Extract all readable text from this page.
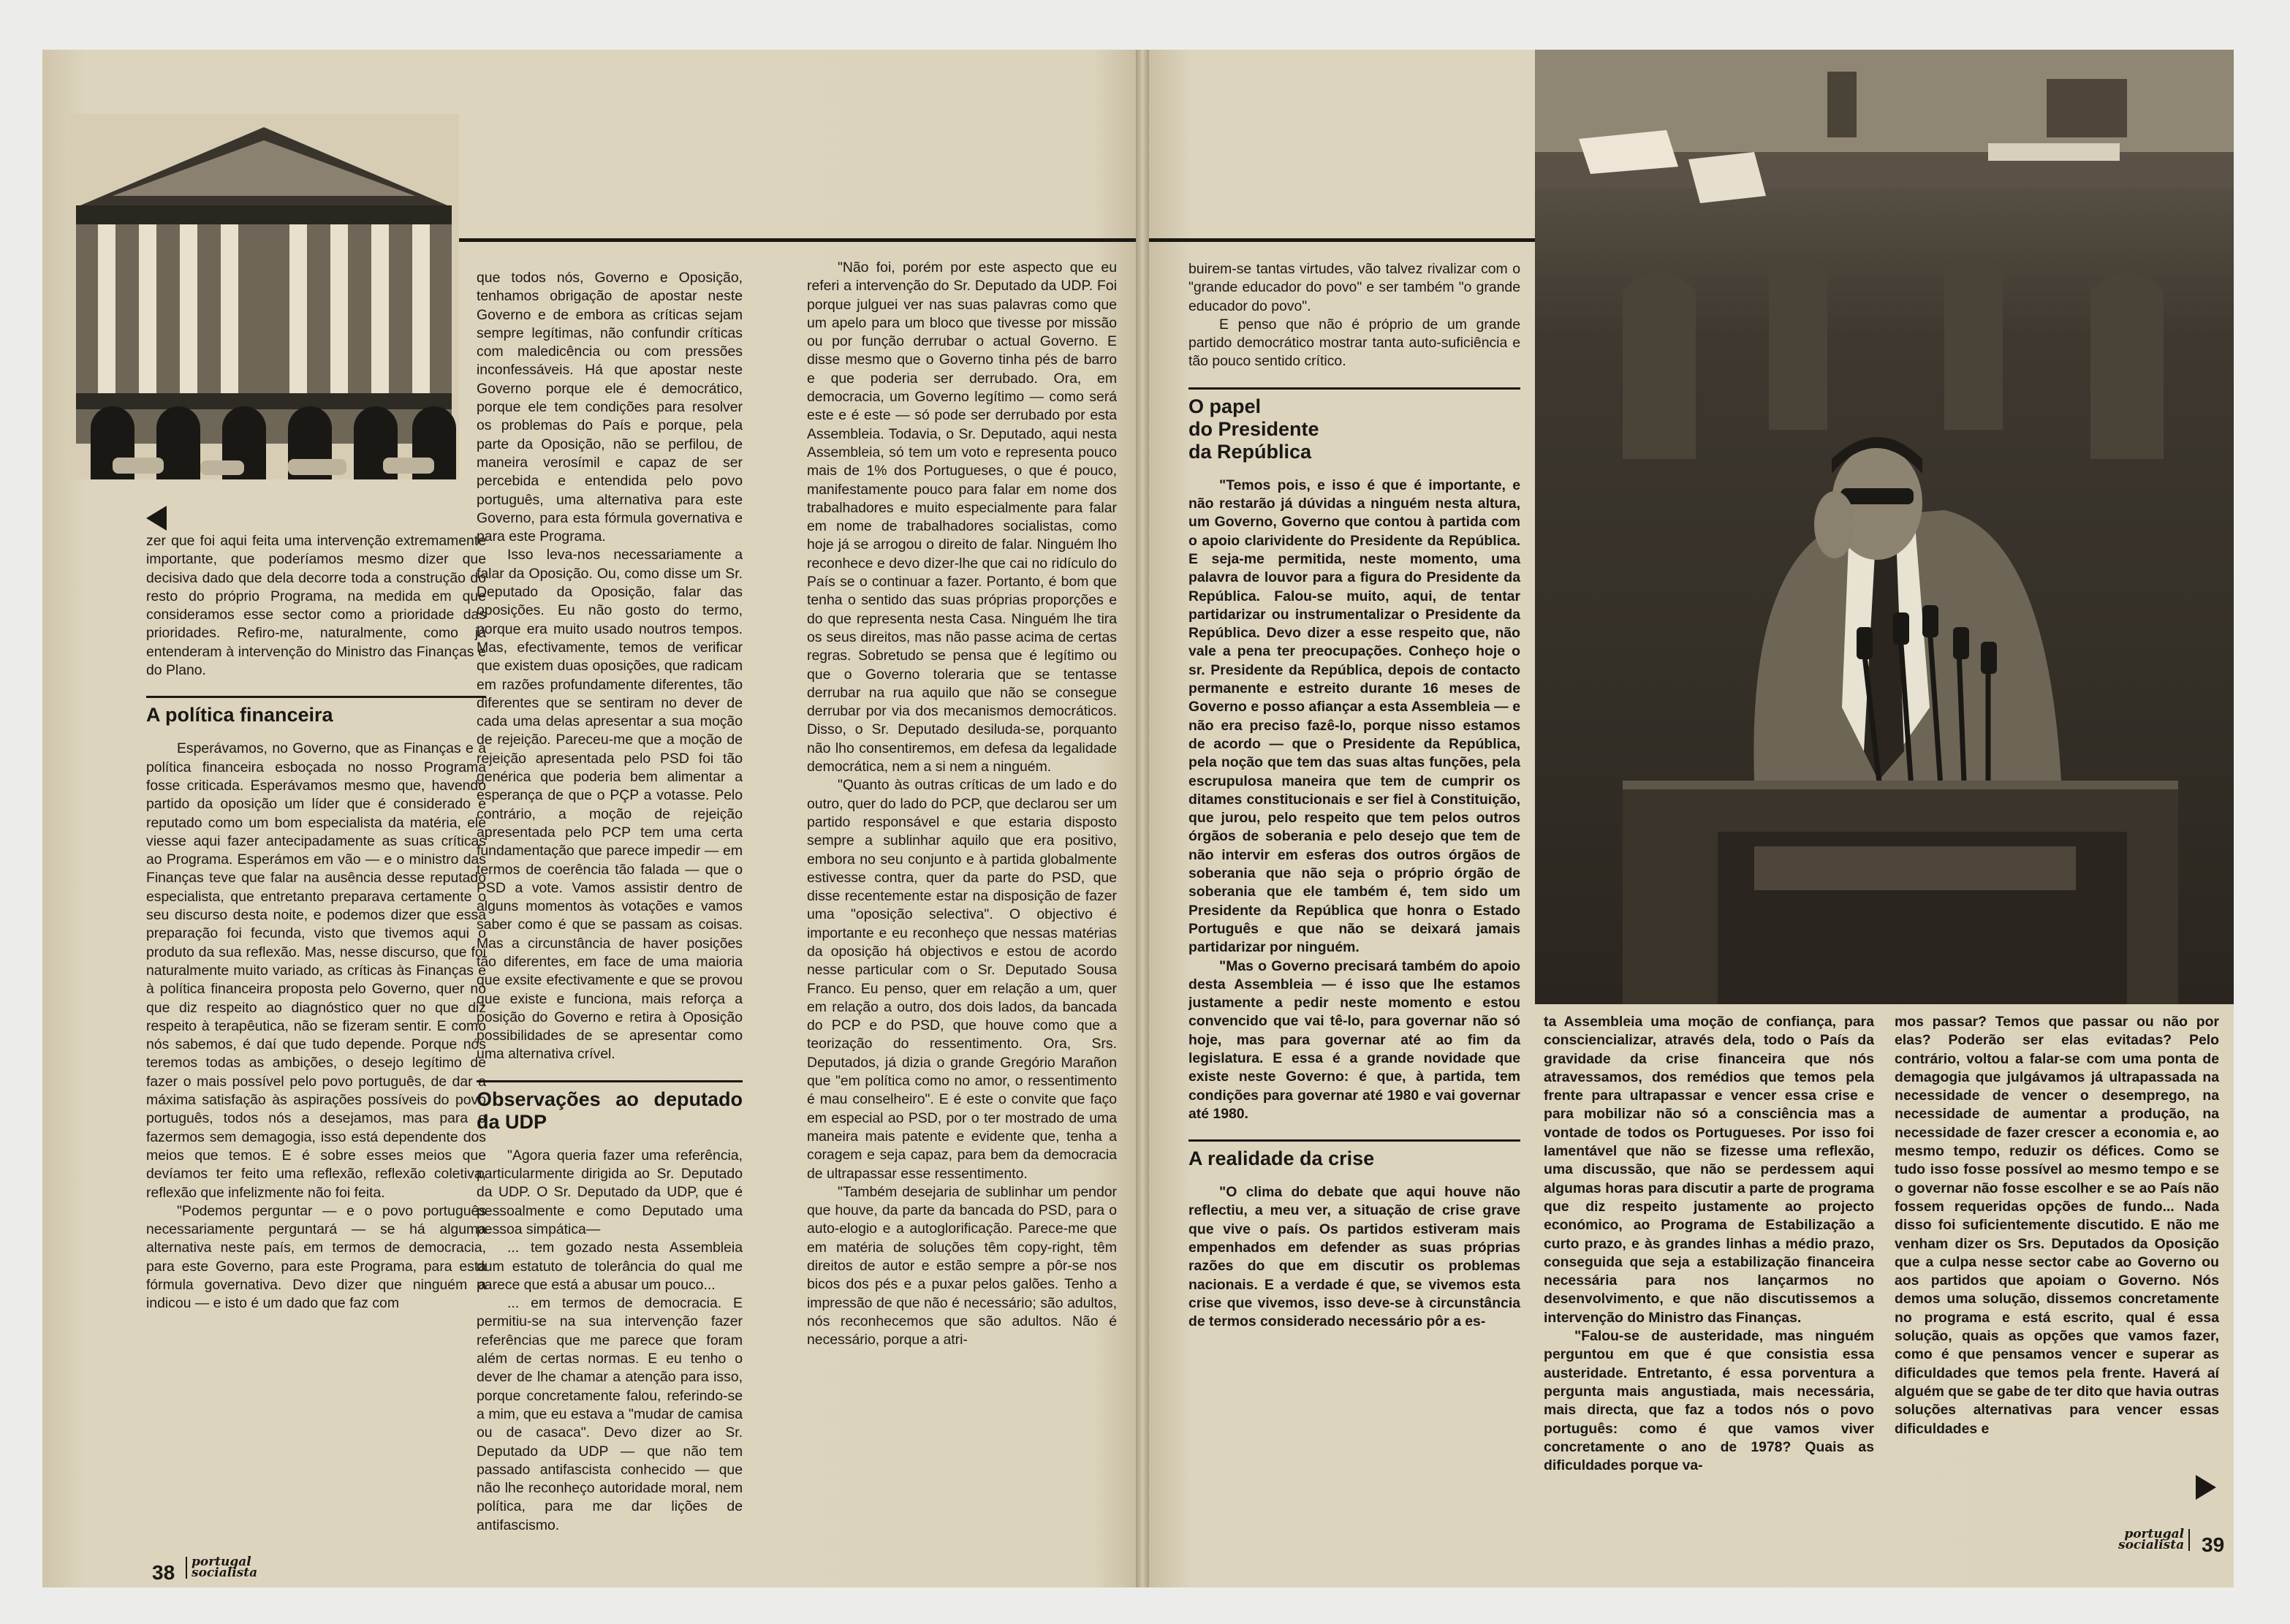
zer que foi aqui feita uma intervenção extremamente importante, que poderíamos mesmo dizer que decisiva dado que dela decorre toda a construção do resto do próprio Programa, na medida em que consideramos esse sector como a prioridade das prioridades. Refiro-me, naturalmente, como já entenderam à intervenção do Ministro das Finanças e do Plano.

A política financeira

Esperávamos, no Governo, que as Finanças e a política financeira esboçada no nosso Programa fosse criticada. Esperávamos mesmo que, havendo partido da oposição um líder que é considerado e reputado como um bom especialista da matéria, ele viesse aqui fazer antecipadamente as suas críticas ao Programa. Esperámos em vão — e o ministro das Finanças teve que falar na ausência desse reputado especialista, que entretanto preparava certamente o seu discurso desta noite, e podemos dizer que essa preparação foi fecunda, visto que tivemos aqui o produto da sua reflexão. Mas, nesse discurso, que foi naturalmente muito variado, as críticas às Finanças e à política financeira proposta pelo Governo, quer no que diz respeito ao diagnóstico quer no que diz respeito à terapêutica, não se fizeram sentir. E como nós sabemos, é daí que tudo depende. Porque nós teremos todas as ambições, o desejo legítimo de fazer o mais possível pelo povo português, de dar a máxima satisfação às aspirações possíveis do povo português, todos nós a desejamos, mas para o fazermos sem demagogia, isso está dependente dos meios que temos. E é sobre esses meios que devíamos ter feito uma reflexão, reflexão coletiva, reflexão que infelizmente não foi feita.

"Podemos perguntar — e o povo português necessariamente perguntará — se há alguma alternativa neste país, em termos de democracia, para este Governo, para este Programa, para esta fórmula governativa. Devo dizer que ninguém a indicou — e isto é um dado que faz com

que todos nós, Governo e Oposição, tenhamos obrigação de apostar neste Governo e de embora as críticas sejam sempre legítimas, não confundir críticas com maledicência ou com pressões inconfessáveis. Há que apostar neste Governo porque ele é democrático, porque ele tem condições para resolver os problemas do País e porque, pela parte da Oposição, não se perfilou, de maneira verosímil e capaz de ser percebida e entendida pelo povo português, uma alternativa para este Governo, para esta fórmula governativa e para este Programa.

Isso leva-nos necessariamente a falar da Oposição. Ou, como disse um Sr. Deputado da Oposição, falar das oposições. Eu não gosto do termo, porque era muito usado noutros tempos. Mas, efectivamente, temos de verificar que existem duas oposições, que radicam em razões profundamente diferentes, tão diferentes que se sentiram no dever de cada uma delas apresentar a sua moção de rejeição. Pareceu-me que a moção de rejeição apresentada pelo PSD foi tão genérica que poderia bem alimentar a esperança de que o PÇP a votasse. Pelo contrário, a moção de rejeição apresentada pelo PCP tem uma certa fundamentação que parece impedir — em termos de coerência tão falada — que o PSD a vote. Vamos assistir dentro de alguns momentos às votações e vamos saber como é que se passam as coisas. Mas a circunstância de haver posições tão diferentes, em face de uma maioria que exsite efectivamente e que se provou que existe e funciona, mais reforça a posição do Governo e retira à Oposição possibilidades de se apresentar como uma alternativa crível.

Observações ao deputado da UDP

"Agora queria fazer uma referência, particularmente dirigida ao Sr. Deputado da UDP. O Sr. Deputado da UDP, que é pessoalmente e como Deputado uma pessoa simpática—

... tem gozado nesta Assembleia dum estatuto de tolerância do qual me parece que está a abusar um pouco...

... em termos de democracia. E permitiu-se na sua intervenção fazer referências que me parece que foram além de certas normas. E eu tenho o dever de lhe chamar a atenção para isso, porque concretamente falou, referindo-se a mim, que eu estava a "mudar de camisa ou de casaca". Devo dizer ao Sr. Deputado da UDP — que não tem passado antifascista conhecido — que não lhe reconheço autoridade moral, nem política, para me dar lições de antifascismo.

"Não foi, porém por este aspecto que eu referi a intervenção do Sr. Deputado da UDP. Foi porque julguei ver nas suas palavras como que um apelo para um bloco que tivesse por missão ou por função derrubar o actual Governo. E disse mesmo que o Governo tinha pés de barro e que poderia ser derrubado. Ora, em democracia, um Governo legítimo — como será este e é este — só pode ser derrubado por esta Assembleia. Todavia, o Sr. Deputado, aqui nesta Assembleia, só tem um voto e representa pouco mais de 1% dos Portugueses, o que é pouco, manifestamente pouco para falar em nome dos trabalhadores e muito especialmente para falar em nome de trabalhadores socialistas, como hoje já se arrogou o direito de falar. Ninguém lho reconhece e devo dizer-lhe que cai no ridículo do País se o continuar a fazer. Portanto, é bom que tenha o sentido das suas próprias proporções e do que representa nesta Casa. Ninguém lhe tira os seus direitos, mas não passe acima de certas regras. Sobretudo se pensa que é legítimo ou que o Governo toleraria que se tentasse derrubar na rua aquilo que não se consegue derrubar por via dos mecanismos democráticos. Disso, o Sr. Deputado desiluda-se, porquanto não lho consentiremos, em defesa da legalidade democrática, nem a si nem a ninguém.

"Quanto às outras críticas de um lado e do outro, quer do lado do PCP, que declarou ser um partido responsável e que estaria disposto sempre a sublinhar aquilo que era positivo, embora no seu conjunto e à partida globalmente estivesse contra, quer da parte do PSD, que disse recentemente estar na disposição de fazer uma "oposição selectiva". O objectivo é importante e eu reconheço que nessas matérias da oposição há objectivos e estou de acordo nesse particular com o Sr. Deputado Sousa Franco. Eu penso, quer em relação a um, quer em relação a outro, dos dois lados, da bancada do PCP e do PSD, que houve como que a teorização do ressentimento. Ora, Srs. Deputados, já dizia o grande Gregório Marañon que "em política como no amor, o ressentimento é mau conselheiro". E é este o convite que faço em especial ao PSD, por o ter mostrado de uma maneira mais patente e evidente que, tenha a coragem e seja capaz, para bem da democracia de ultrapassar esse ressentimento.

"Também desejaria de sublinhar um pendor que houve, da parte da bancada do PSD, para o auto-elogio e a autoglorificação. Parece-me que em matéria de soluções têm copy-right, têm direitos de autor e estão sempre a pôr-se nos bicos dos pés e a puxar pelos galões. Tenho a impressão de que não é necessário; são adultos, nós reconhecemos que são adultos. Não é necessário, porque a atri-

38 portugal
socialista

buirem-se tantas virtudes, vão talvez rivalizar com o "grande educador do povo" e ser também "o grande educador do povo".

E penso que não é próprio de um grande partido democrático mostrar tanta auto-suficiência e tão pouco sentido crítico.

O papel
do Presidente
da República

"Temos pois, e isso é que é importante, e não restarão já dúvidas a ninguém nesta altura, um Governo, Governo que contou à partida com o apoio clarividente do Presidente da República. E seja-me permitida, neste momento, uma palavra de louvor para a figura do Presidente da República. Falou-se muito, aqui, de tentar partidarizar ou instrumentalizar o Presidente da República. Devo dizer a esse respeito que, não vale a pena ter preocupações. Conheço hoje o sr. Presidente da República, depois de contacto permanente e estreito durante 16 meses de Governo e posso afiançar a esta Assembleia — e não era preciso fazê-lo, porque nisso estamos de acordo — que o Presidente da República, pela noção que tem das suas altas funções, pela escrupulosa maneira que tem de cumprir os ditames constitucionais e ser fiel à Constituição, que jurou, pelo respeito que tem pelos outros órgãos de soberania e pelo desejo que tem de não intervir em esferas dos outros órgãos de soberania que não seja o próprio órgão de soberania que ele também é, tem sido um Presidente da República que honra o Estado Português e que não se deixará jamais partidarizar por ninguém.

"Mas o Governo precisará também do apoio desta Assembleia — é isso que lhe estamos justamente a pedir neste momento e estou convencido que vai tê-lo, para governar não só hoje, mas para governar até ao fim da legislatura. E essa é a grande novidade que existe neste Governo: é que, à partida, tem condições para governar até 1980 e vai governar até 1980.

A realidade da crise

"O clima do debate que aqui houve não reflectiu, a meu ver, a situação de crise grave que vive o país. Os partidos estiveram mais empenhados em defender as suas próprias razões do que em discutir os problemas nacionais. E a verdade é que, se vivemos esta crise que vivemos, isso deve-se à circunstância de termos considerado necessário pôr a es-

ta Assembleia uma moção de confiança, para consciencializar, através dela, todo o País da gravidade da crise financeira que nós atravessamos, dos remédios que temos pela frente para ultrapassar e vencer essa crise e para mobilizar não só a consciência mas a vontade de todos os Portugueses. Por isso foi lamentável que não se fizesse uma reflexão, uma discussão, que não se perdessem aqui algumas horas para discutir a parte de programa que diz respeito justamente ao projecto económico, ao Programa de Estabilização a curto prazo, e às grandes linhas a médio prazo, conseguida que seja a estabilização financeira necessária para nos lançarmos no desenvolvimento, e que não discutissemos a intervenção do Ministro das Finanças.

"Falou-se de austeridade, mas ninguém perguntou em que é que consistia essa austeridade. Entretanto, é essa porventura a pergunta mais angustiada, mais necessária, mais directa, que faz a todos nós o povo português: como é que vamos viver concretamente o ano de 1978? Quais as dificuldades porque va-

mos passar? Temos que passar ou não por elas? Poderão ser elas evitadas? Pelo contrário, voltou a falar-se com uma ponta de demagogia que julgávamos já ultrapassada na necessidade de vencer o desemprego, na necessidade de aumentar a produção, na necessidade de fazer crescer a economia e, ao mesmo tempo, reduzir os défices. Como se tudo isso fosse possível ao mesmo tempo e se o governar não fosse escolher e se ao País não fossem requeridas opções de fundo... Nada disso foi suficientemente discutido. E não me venham dizer os Srs. Deputados da Oposição que a culpa nesse sector cabe ao Governo ou aos partidos que apoiam o Governo. Nós demos uma solução, dissemos concretamente no programa e está escrito, qual é essa solução, quais as opções que vamos fazer, como é que pensamos vencer e superar as dificuldades que temos pela frente. Haverá aí alguém que se gabe de ter dito que havia outras soluções alternativas para vencer essas dificuldades e

portugal
socialista 39
